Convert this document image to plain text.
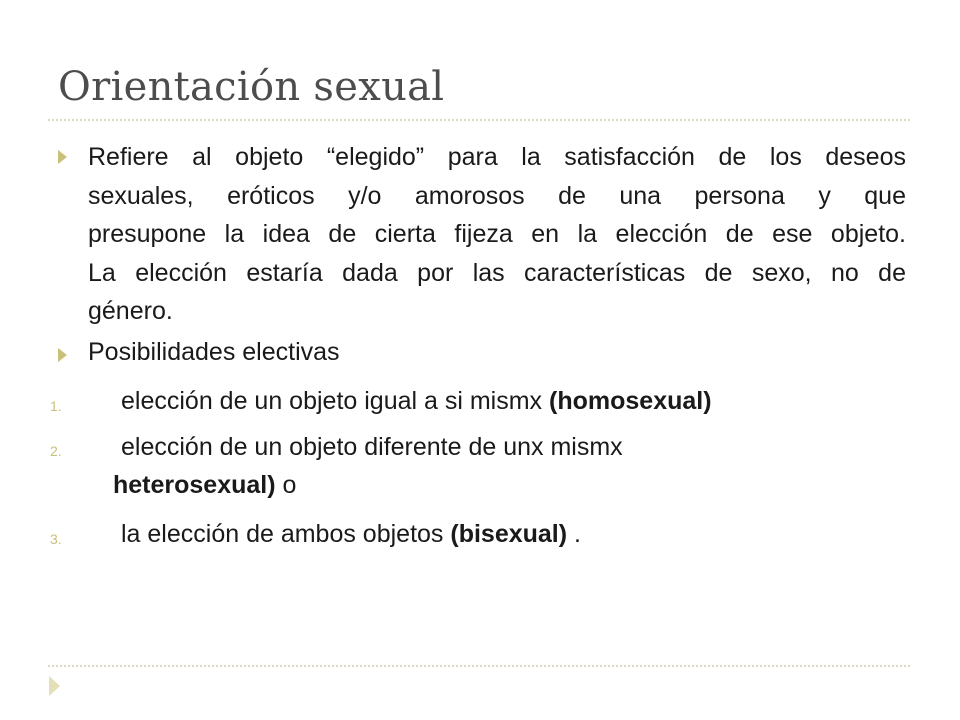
Orientación sexual
Refiere al objeto “elegido” para la satisfacción de los deseos
sexuales, eróticos y/o amorosos de una persona y que
presupone la idea de cierta fijeza en la elección de ese objeto.
La elección estaría dada por las características de sexo, no de
género.
Posibilidades electivas
1. elección de un objeto igual a si mismx (homosexual)
2. elección de un objeto diferente de unx mismx
heterosexual) o
3. la elección de ambos objetos (bisexual) .
